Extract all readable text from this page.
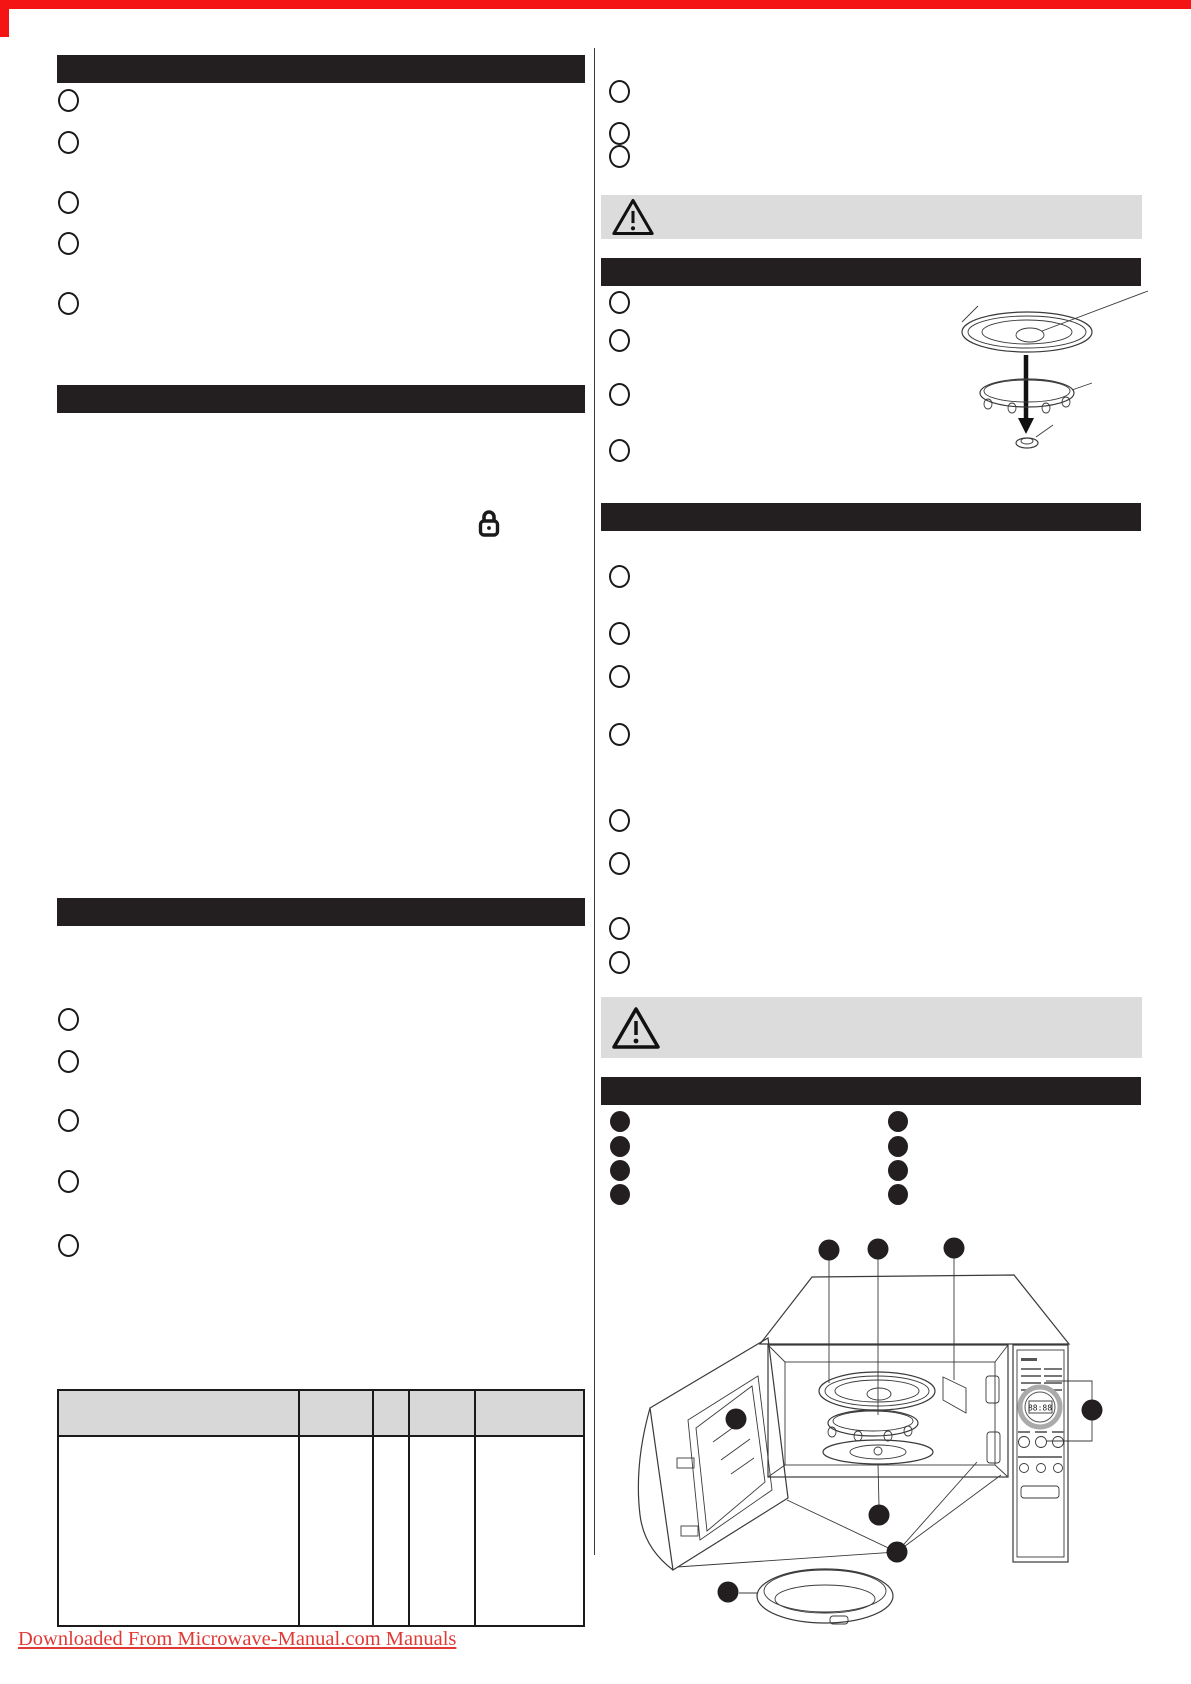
88:88
Downloaded From Microwave-Manual.com Manuals
